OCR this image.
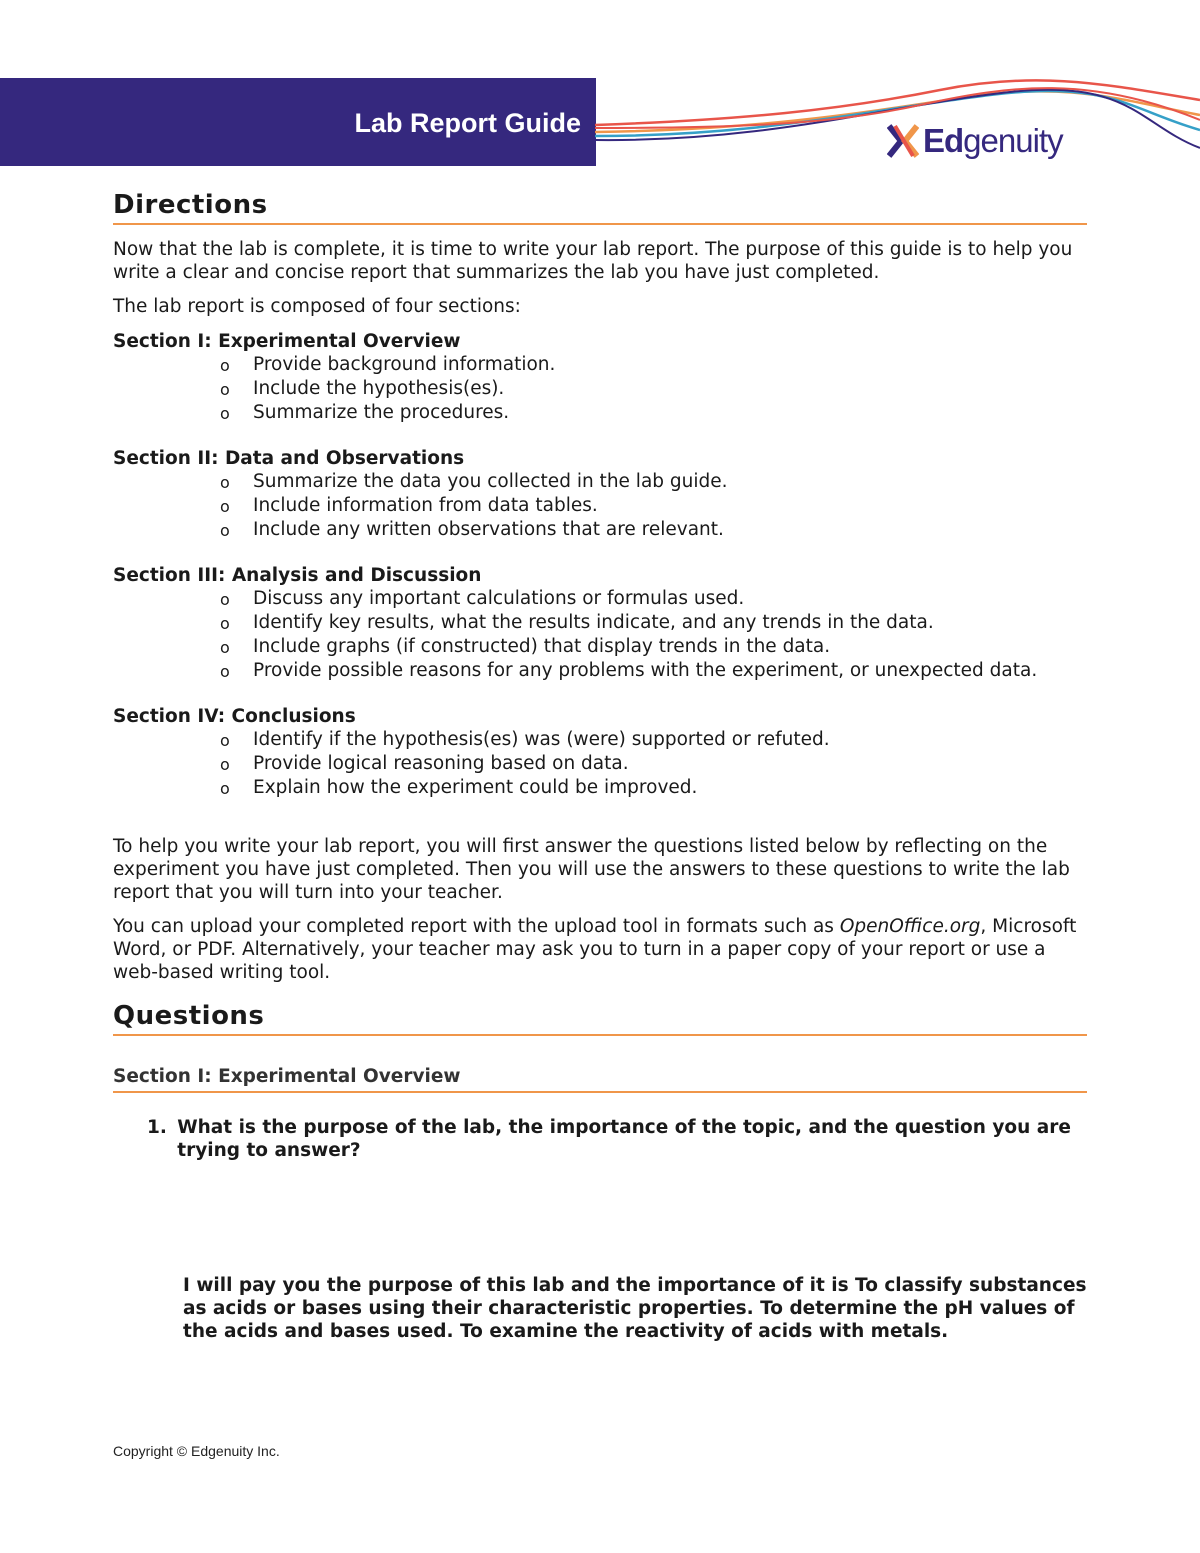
Lab Report Guide	Edgenuity
Directions

Now that the lab is complete, it is time to write your lab report. The purpose of this guide is to help you write a clear and concise report that summarizes the lab you have just completed.

The lab report is composed of four sections:

Section I: Experimental Overview
o Provide background information.
o Include the hypothesis(es).
o Summarize the procedures.
Section II: Data and Observations
o Summarize the data you collected in the lab guide.
o Include information from data tables.
o Include any written observations that are relevant.
Section III: Analysis and Discussion
o Discuss any important calculations or formulas used.
o Identify key results, what the results indicate, and any trends in the data.
o Include graphs (if constructed) that display trends in the data.
o Provide possible reasons for any problems with the experiment, or unexpected data.
Section IV: Conclusions
o Identify if the hypothesis(es) was (were) supported or refuted.
o Provide logical reasoning based on data.
o Explain how the experiment could be improved.

To help you write your lab report, you will first answer the questions listed below by reflecting on the experiment you have just completed. Then you will use the answers to these questions to write the lab report that you will turn into your teacher.

You can upload your completed report with the upload tool in formats such as OpenOffice.org, Microsoft Word, or PDF. Alternatively, your teacher may ask you to turn in a paper copy of your report or use a web-based writing tool.

Questions
Section I: Experimental Overview
1. What is the purpose of the lab, the importance of the topic, and the question you are trying to answer?
I will pay you the purpose of this lab and the importance of it is To classify substances as acids or bases using their characteristic properties. To determine the pH values of the acids and bases used. To examine the reactivity of acids with metals.
Copyright © Edgenuity Inc.
